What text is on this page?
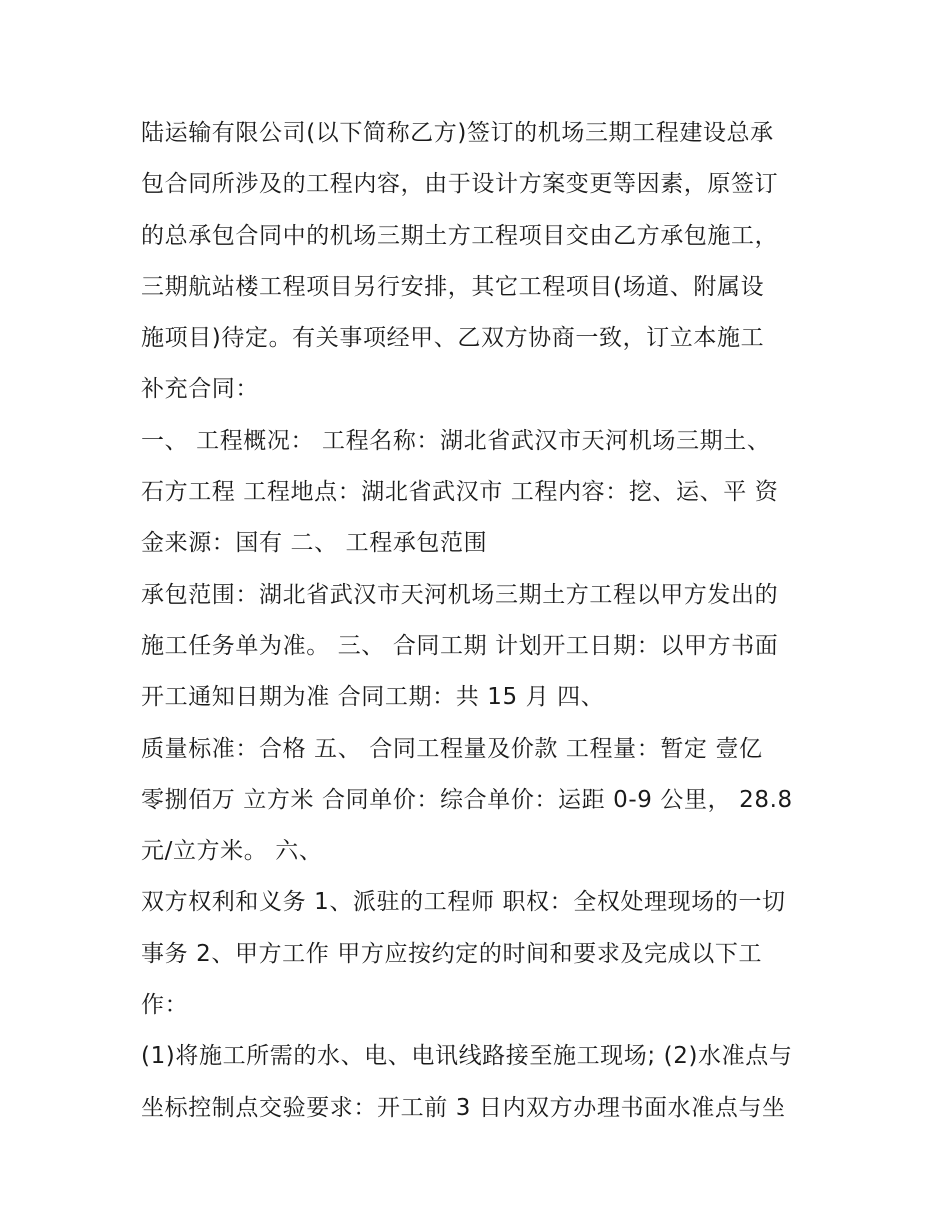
陆运输有限公司(以下简称乙方)签订的机场三期工程建设总承
包合同所涉及的工程内容，由于设计方案变更等因素，原签订
的总承包合同中的机场三期土方工程项目交由乙方承包施工，
三期航站楼工程项目另行安排，其它工程项目(场道、附属设
施项目)待定。有关事项经甲、乙双方协商一致，订立本施工
补充合同：
一、 工程概况： 工程名称：湖北省武汉市天河机场三期土、
石方工程 工程地点：湖北省武汉市 工程内容：挖、运、平 资
金来源：国有 二、 工程承包范围
承包范围：湖北省武汉市天河机场三期土方工程以甲方发出的
施工任务单为准。 三、 合同工期 计划开工日期：以甲方书面
开工通知日期为准 合同工期：共 15 月 四、
质量标准：合格 五、 合同工程量及价款 工程量：暂定 壹亿
零捌佰万 立方米 合同单价：综合单价：运距 0-9 公里， 28.8
元/立方米。 六、
双方权利和义务 1、派驻的工程师 职权：全权处理现场的一切
事务 2、甲方工作 甲方应按约定的时间和要求及完成以下工
作：
(1)将施工所需的水、电、电讯线路接至施工现场; (2)水准点与
坐标控制点交验要求：开工前 3 日内双方办理书面水准点与坐
